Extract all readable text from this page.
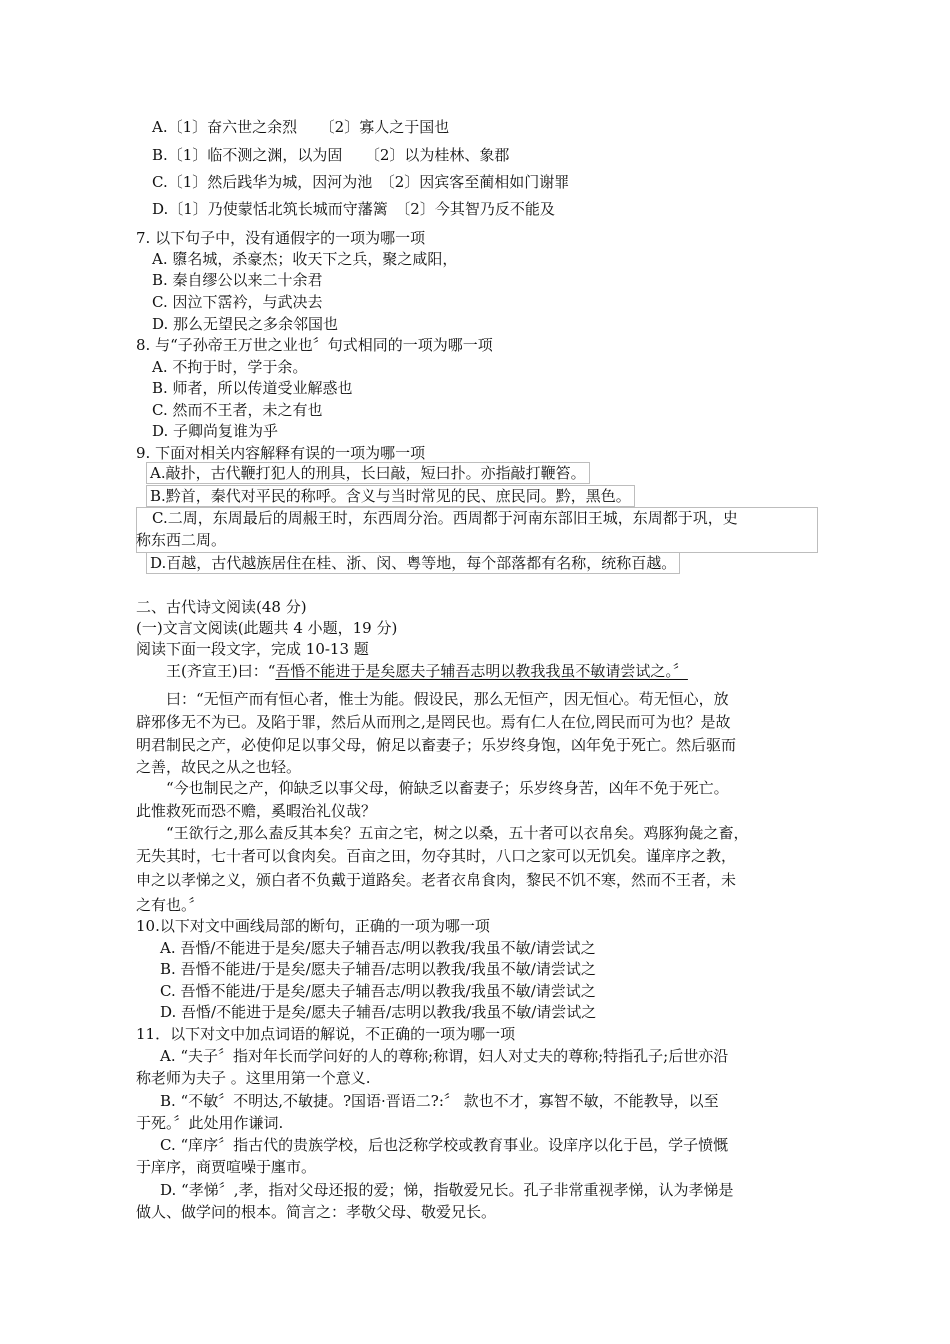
A.〔1〕奋六世之余烈　　〔2〕寡人之于国也
B.〔1〕临不测之渊，以为固　　〔2〕以为桂林、象郡
C.〔1〕然后践华为城，因河为池　〔2〕因宾客至蔺相如门谢罪
D.〔1〕乃使蒙恬北筑长城而守藩篱　〔2〕今其智乃反不能及
7. 以下句子中，没有通假字的一项为哪一项
A. 隳名城，杀豪杰；收天下之兵，聚之咸阳，
B. 秦自缪公以来二十余君
C. 因泣下霑衿，与武决去
D. 那么无望民之多余邻国也
8. 与“子孙帝王万世之业也〞句式相同的一项为哪一项
A. 不拘于时，学于余。
B. 师者，所以传道受业解惑也
C. 然而不王者，未之有也
D. 子卿尚复谁为乎
9. 下面对相关内容解释有误的一项为哪一项
A.敲扑，古代鞭打犯人的刑具，长曰敲，短曰扑。亦指敲打鞭笞。
B.黔首，秦代对平民的称呼。含义与当时常见的民、庶民同。黔，黑色。
C.二周，东周最后的周赧王时，东西周分治。西周都于河南东部旧王城，东周都于巩，史
称东西二周。
D.百越，古代越族居住在桂、浙、闵、粤等地，每个部落都有名称，统称百越。
二、古代诗文阅读(48 分)
(一)文言文阅读(此题共 4 小题，19 分)
阅读下面一段文字，完成 10-13 题
王(齐宣王)曰：“吾惛不能进于是矣愿夫子辅吾志明以教我我虽不敏请尝试之。〞
曰：“无恒产而有恒心者，惟士为能。假设民，那么无恒产，因无恒心。苟无恒心，放
辟邪侈无不为已。及陷于罪，然后从而刑之,是罔民也。焉有仁人在位,罔民而可为也？是故
明君制民之产，必使仰足以事父母，俯足以畜妻子；乐岁终身饱，凶年免于死亡。然后驱而
之善，故民之从之也轻。
“今也制民之产，仰缺乏以事父母，俯缺乏以畜妻子；乐岁终身苦，凶年不免于死亡。
此惟救死而恐不赡，奚暇治礼仪哉？
“王欲行之,那么盍反其本矣？五亩之宅，树之以桑，五十者可以衣帛矣。鸡豚狗彘之畜，
无失其时，七十者可以食肉矣。百亩之田，勿夺其时，八口之家可以无饥矣。谨庠序之教，
申之以孝悌之义，颁白者不负戴于道路矣。老者衣帛食肉，黎民不饥不寒，然而不王者，未
之有也。〞
10.以下对文中画线局部的断句，正确的一项为哪一项
A. 吾惛/不能进于是矣/愿夫子辅吾志/明以教我/我虽不敏/请尝试之
B. 吾惛不能进/于是矣/愿夫子辅吾/志明以教我/我虽不敏/请尝试之
C. 吾惛不能进/于是矣/愿夫子辅吾志/明以教我/我虽不敏/请尝试之
D. 吾惛/不能进于是矣/愿夫子辅吾/志明以教我/我虽不敏/请尝试之
11．以下对文中加点词语的解说，不正确的一项为哪一项
A. “夫子〞指对年长而学问好的人的尊称;称谓，妇人对丈夫的尊称;特指孔子;后世亦沿
称老师为夫子 。这里用第一个意义.
B. “不敏〞不明达,不敏捷。?国语·晋语二?:〞 款也不才，寡智不敏，不能教导，以至
于死。〞此处用作谦词.
C. “庠序〞指古代的贵族学校，后也泛称学校或教育事业。设庠序以化于邑，学子愤慨
于庠序，商贾喧噪于廛市。
D. “孝悌〞,孝，指对父母还报的爱；悌，指敬爱兄长。孔子非常重视孝悌，认为孝悌是
做人、做学问的根本。简言之：孝敬父母、敬爱兄长。
